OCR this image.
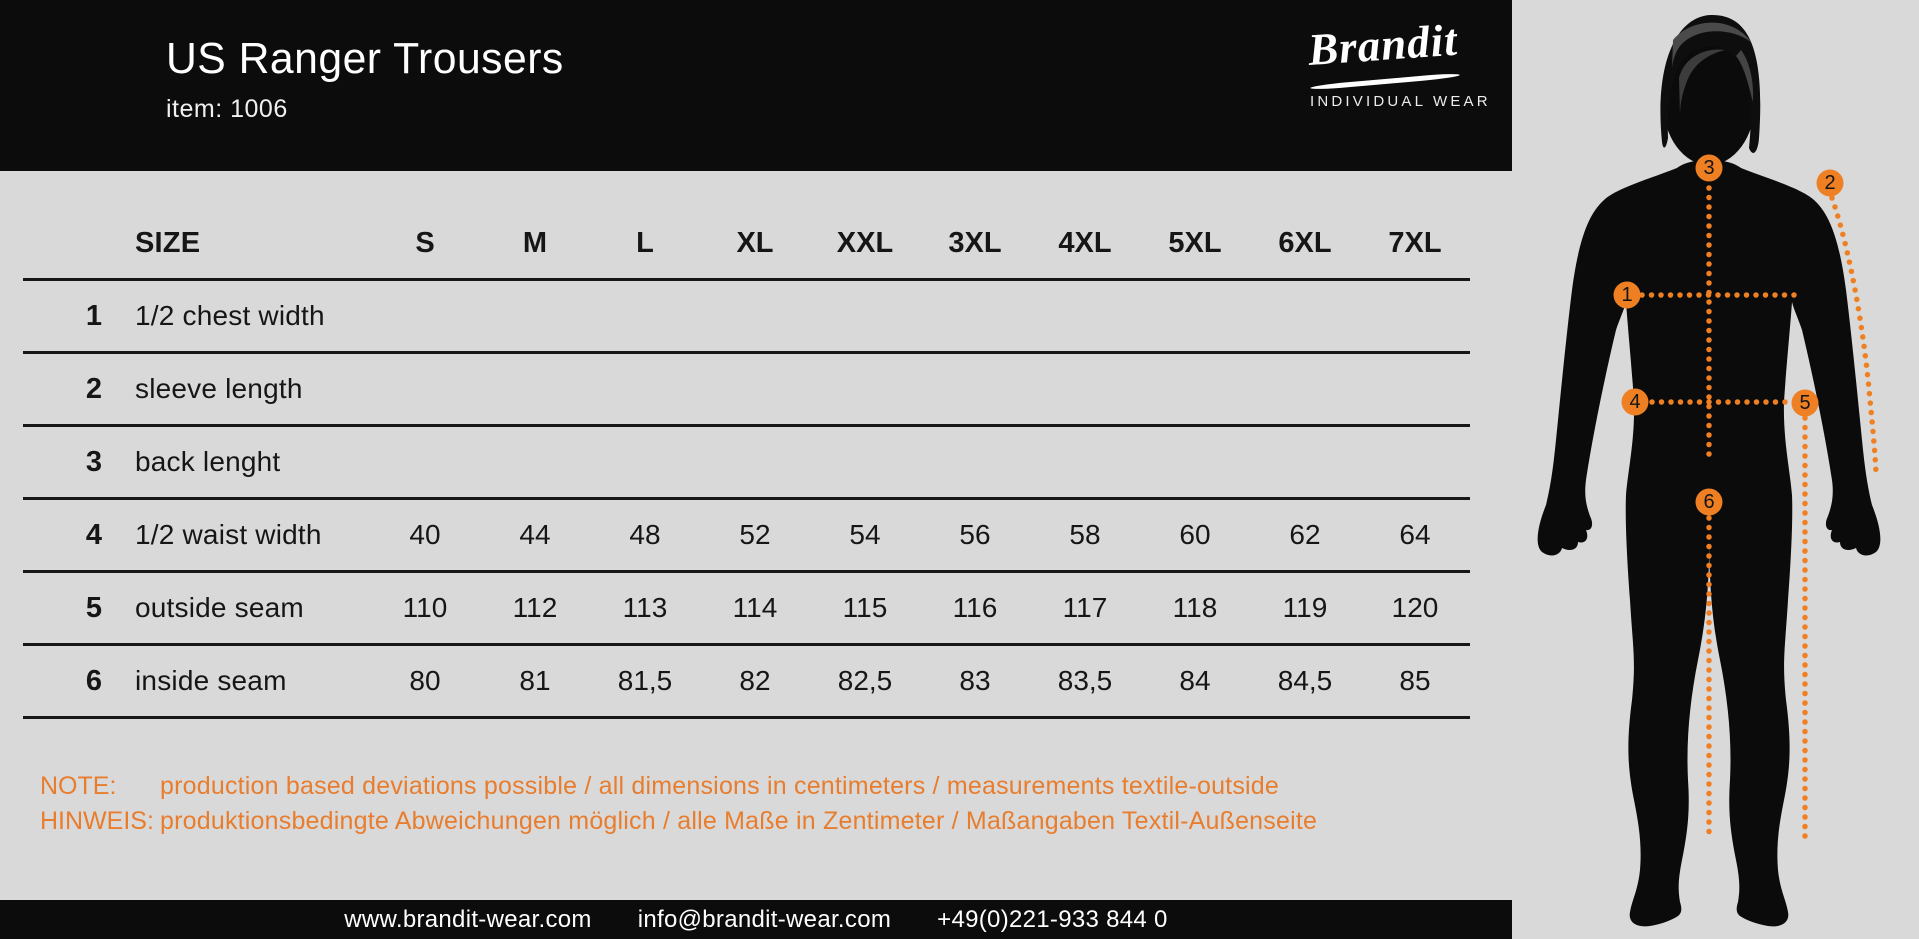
US Ranger Trousers
item: 1006
Brandit
INDIVIDUAL WEAR
SIZE	S	M	L	XL	XXL	3XL	4XL	5XL	6XL	7XL
1	1/2 chest width
2	sleeve length
3	back lenght
4	1/2 waist width	40	44	48	52	54	56	58	60	62	64
5	outside seam	110	112	113	114	115	116	117	118	119	120
6	inside seam	80	81	81,5	82	82,5	83	83,5	84	84,5	85
NOTE:	production based deviations possible / all dimensions in centimeters / measurements textile-outside
HINWEIS: produktionsbedingte Abweichungen möglich / alle Maße in Zentimeter / Maßangaben Textil-Außenseite
www.brandit-wear.com info@brandit-wear.com +49(0)221-933 844 0
1
2
3
4	5
6
